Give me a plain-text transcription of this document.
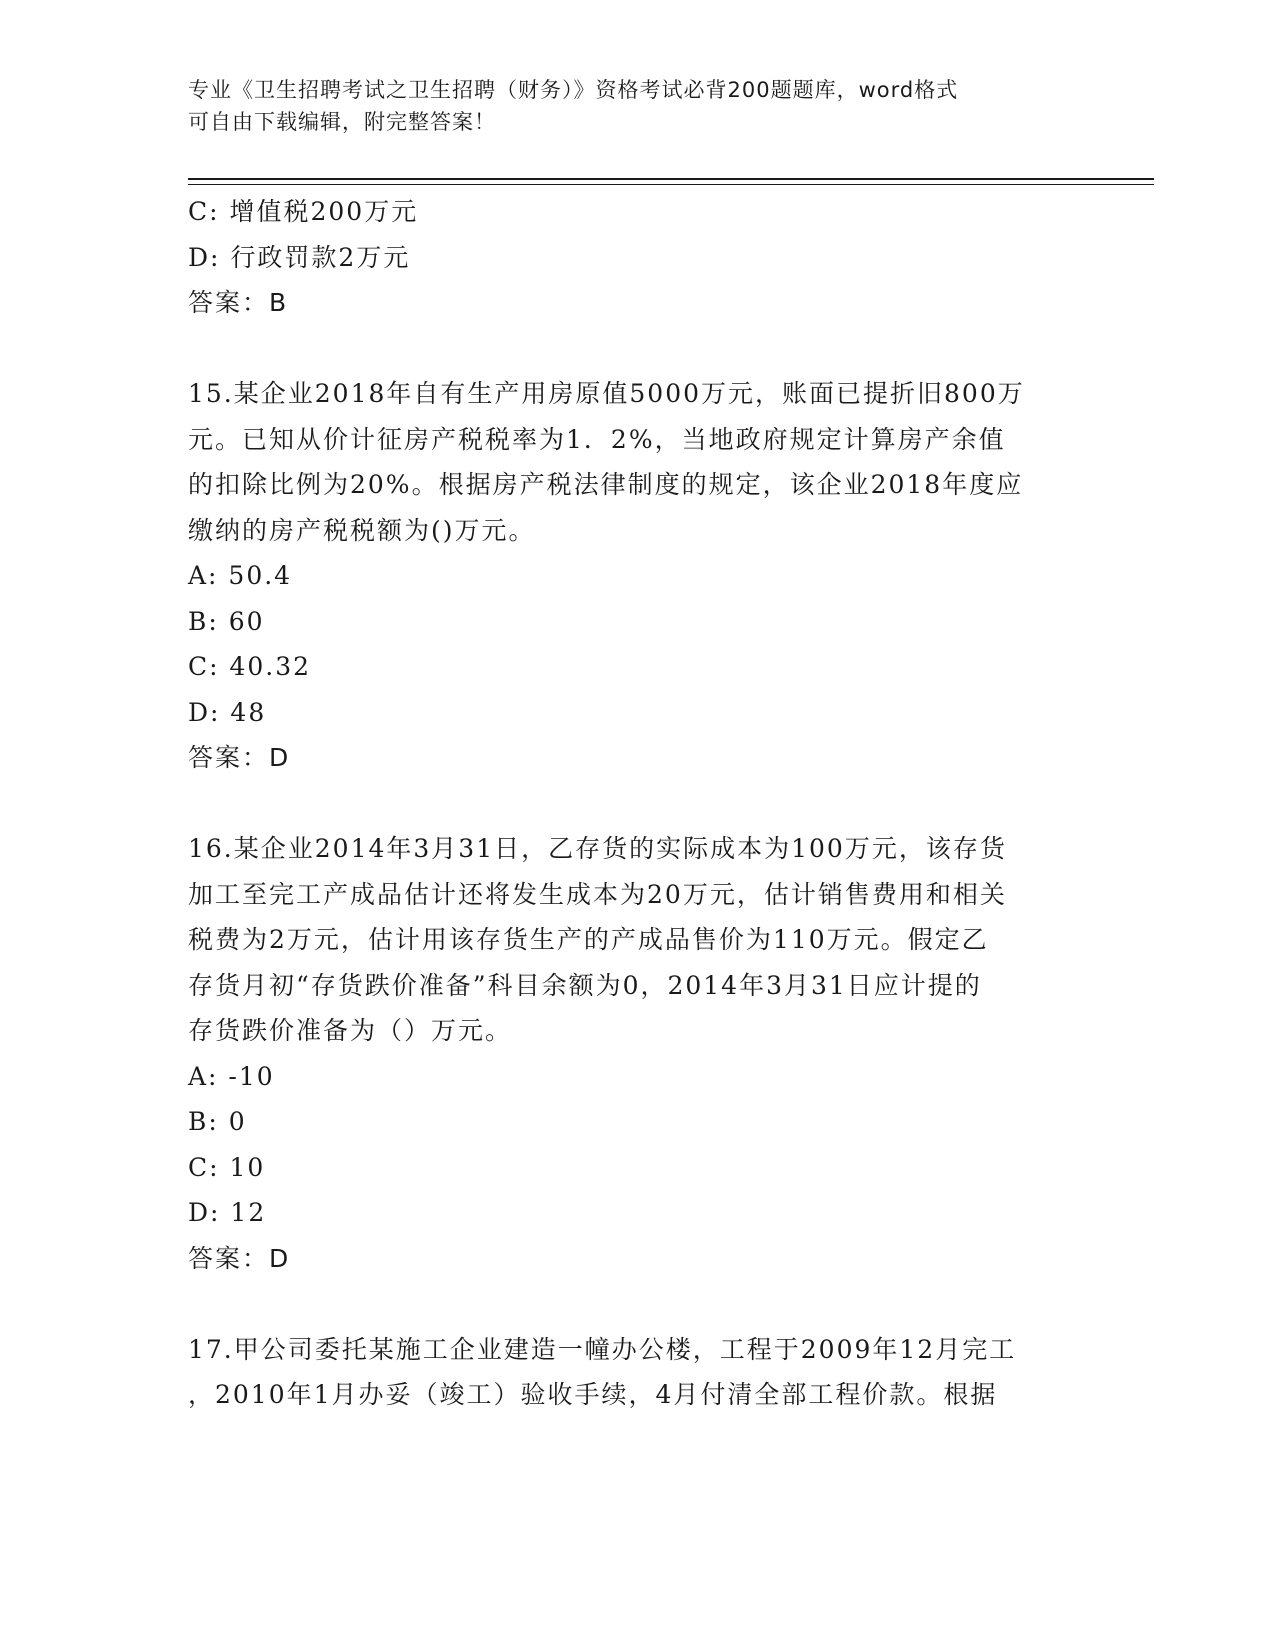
专业《卫生招聘考试之卫生招聘（财务）》资格考试必背200题题库，word格式
可自由下载编辑，附完整答案！
C: 增值税200万元
D: 行政罚款2万元
答案：B
15.某企业2018年自有生产用房原值5000万元，账面已提折旧800万
元。已知从价计征房产税税率为1．2%，当地政府规定计算房产余值
的扣除比例为20%。根据房产税法律制度的规定，该企业2018年度应
缴纳的房产税税额为()万元。
A: 50.4
B: 60
C: 40.32
D: 48
答案：D
16.某企业2014年3月31日，乙存货的实际成本为100万元，该存货
加工至完工产成品估计还将发生成本为20万元，估计销售费用和相关
税费为2万元，估计用该存货生产的产成品售价为110万元。假定乙
存货月初“存货跌价准备”科目余额为0，2014年3月31日应计提的
存货跌价准备为（）万元。
A: -10
B: 0
C: 10
D: 12
答案：D
17.甲公司委托某施工企业建造一幢办公楼，工程于2009年12月完工
，2010年1月办妥（竣工）验收手续，4月付清全部工程价款。根据
